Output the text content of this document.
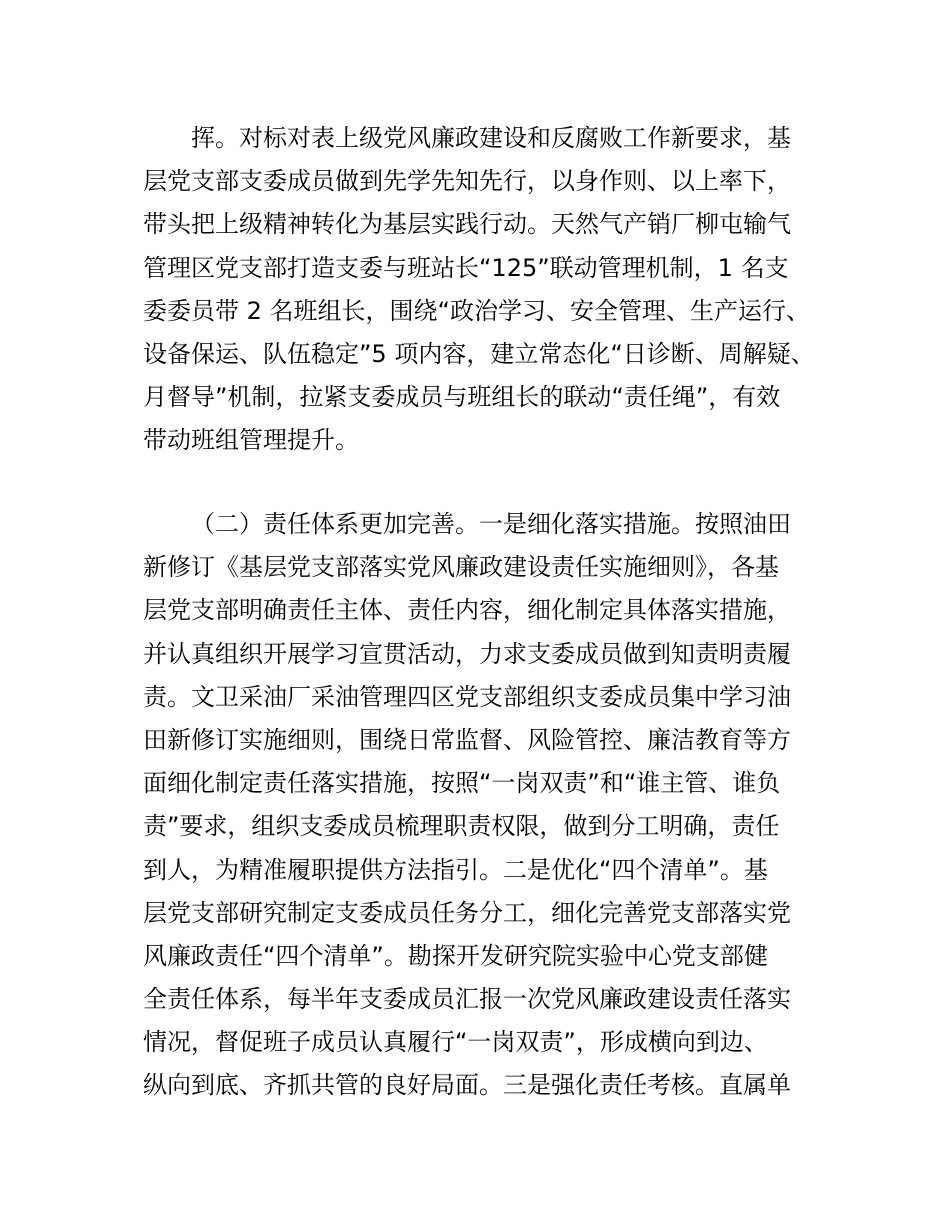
挥。对标对表上级党风廉政建设和反腐败工作新要求，基
层党支部支委成员做到先学先知先行，以身作则、以上率下，
带头把上级精神转化为基层实践行动。天然气产销厂柳屯输气
管理区党支部打造支委与班站长“125”联动管理机制，1 名支
委委员带 2 名班组长，围绕“政治学习、安全管理、生产运行、
设备保运、队伍稳定”5 项内容，建立常态化“日诊断、周解疑、
月督导”机制，拉紧支委成员与班组长的联动“责任绳”，有效
带动班组管理提升。
（二）责任体系更加完善。一是细化落实措施。按照油田
新修订《基层党支部落实党风廉政建设责任实施细则》，各基
层党支部明确责任主体、责任内容，细化制定具体落实措施，
并认真组织开展学习宣贯活动，力求支委成员做到知责明责履
责。文卫采油厂采油管理四区党支部组织支委成员集中学习油
田新修订实施细则，围绕日常监督、风险管控、廉洁教育等方
面细化制定责任落实措施，按照“一岗双责”和“谁主管、谁负
责”要求，组织支委成员梳理职责权限，做到分工明确，责任
到人，为精准履职提供方法指引。二是优化“四个清单”。基
层党支部研究制定支委成员任务分工，细化完善党支部落实党
风廉政责任“四个清单”。勘探开发研究院实验中心党支部健
全责任体系，每半年支委成员汇报一次党风廉政建设责任落实
情况，督促班子成员认真履行“一岗双责”，形成横向到边、
纵向到底、齐抓共管的良好局面。三是强化责任考核。直属单
